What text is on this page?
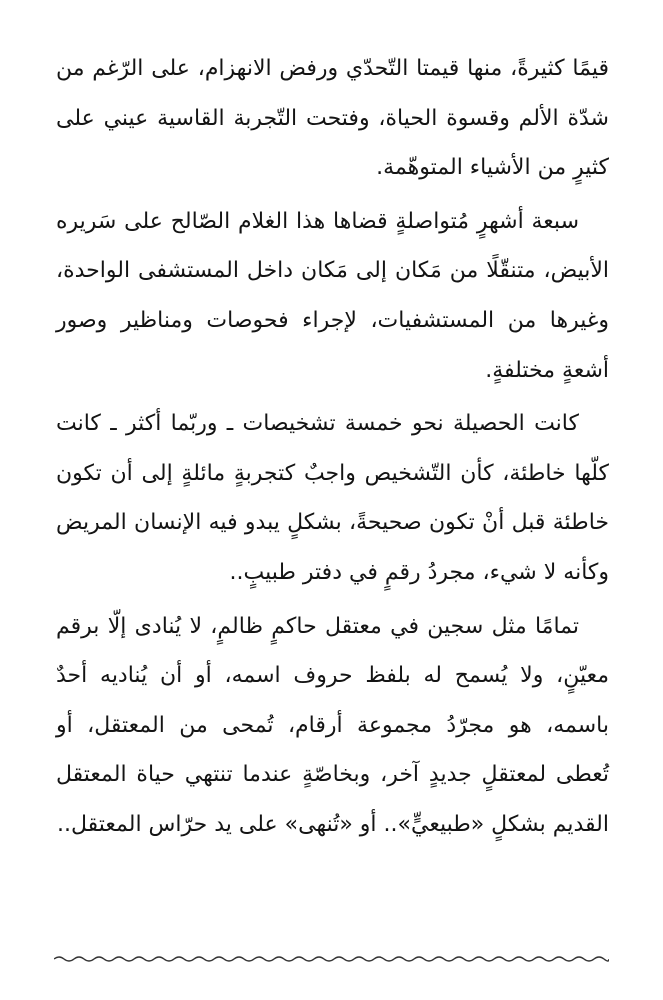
قيمًا كثيرةً، منها قيمتا التّحدّي ورفض الانهزام، على الرّغم من شدّة الألم وقسوة الحياة، وفتحت التّجربة القاسية عيني على كثيرٍ من الأشياء المتوهّمة.

سبعة أشهرٍ مُتواصلةٍ قضاها هذا الغلام الصّالح على سَريره الأبيض، متنقّلًا من مَكان إلى مَكان داخل المستشفى الواحدة، وغيرها من المستشفيات، لإجراء فحوصات ومناظير وصور أشعةٍ مختلفةٍ.

كانت الحصيلة نحو خمسة تشخيصات ـ وربّما أكثر ـ كانت كلّها خاطئة، كأن التّشخيص واجبٌ كتجربةٍ مائلةٍ إلى أن تكون خاطئة قبل أنْ تكون صحيحةً، بشكلٍ يبدو فيه الإنسان المريض وكأنه لا شيء، مجردُ رقمٍ في دفتر طبيبٍ..

تمامًا مثل سجين في معتقل حاكمٍ ظالمٍ، لا يُنادى إلّا برقم معيّنٍ، ولا يُسمح له بلفظ حروف اسمه، أو أن يُناديه أحدٌ باسمه، هو مجرّدُ مجموعة أرقام، تُمحى من المعتقل، أو تُعطى لمعتقلٍ جديدٍ آخر، وبخاصّةٍ عندما تنتهي حياة المعتقل القديم بشكلٍ «طبيعيٍّ».. أو «تُنهى» على يد حرّاس المعتقل..
